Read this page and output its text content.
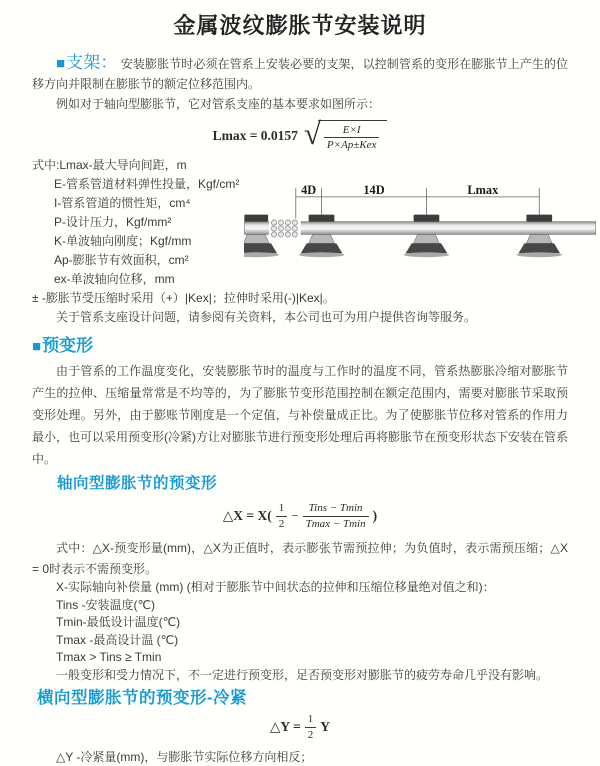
金属波纹膨胀节安装说明

■支架： 安装膨胀节时必须在管系上安装必要的支架，以控制管系的变形在膨胀节上产生的位移方向并限制在膨胀节的额定位移范围内。

例如对于轴向型膨胀节，它对管系支座的基本要求如图所示：

Lmax = 0.0157 √ $\frac{E\times I}{\text{P×Ap±Kex}}$
式中:Lmax-最大导向间距，m
E-管系管道材料弹性投量，Kgf/cm²
I-管系管道的惯性矩，cm⁴
P-设计压力，Kgf/mm²
K-单波轴向刚度；Kgf/mm
Ap-膨胀节有效面积，cm²
ex-单波轴向位移，mm
4D	14D	Lmax
± -膨胀节受压缩时采用（+）|Kex|；拉伸时采用(-)|Kex|。
关于管系支座设计问题，请参阅有关资料，本公司也可为用户提供咨询等服务。
■预变形

由于管系的工作温度变化，安装膨胀节时的温度与工作时的温度不同，管系热膨胀冷缩对膨胀节产生的拉伸、压缩量常常是不均等的，为了膨胀节变形范围控制在额定范围内，需要对膨胀节采取预变形处理。另外，由于膨账节刚度是一个定值，与补偿量成正比。为了使膨胀节位移对管系的作用力最小，也可以采用预变形(冷紧)方让对膨胀节进行预变形处理后再将膨胀节在预变形状态下安装在管系中。

轴向型膨胀节的预变形
△X = $X( \frac{1}{2} - \frac{\text{Tins − Tmin}}{Tmax - Tmin}$ )

式中：△X-预变形量(mm)，△X为正值时，表示膨张节需预拉伸；为负值时，表示需预压缩；△X = 0时表示不需预变形。

X-实际轴向补偿量 (mm) (相对于膨胀节中间状态的拉伸和压缩位移量绝对值之和)：
Tins -安装温度(℃)
Tmin-最低设计温度(℃)
Tmax -最高设计温 (℃)
Tmax > Tins ≥ Tmin
一般变形和受力情况下，不一定进行预变形，足否预变形对膨胀节的疲劳寿命几乎没有影响。
横向型膨胀节的预变形-冷紧
△Y = $\frac{1}{2}$ Y
△Y -冷紧量(mm)，与膨胀节实际位移方向相反；
